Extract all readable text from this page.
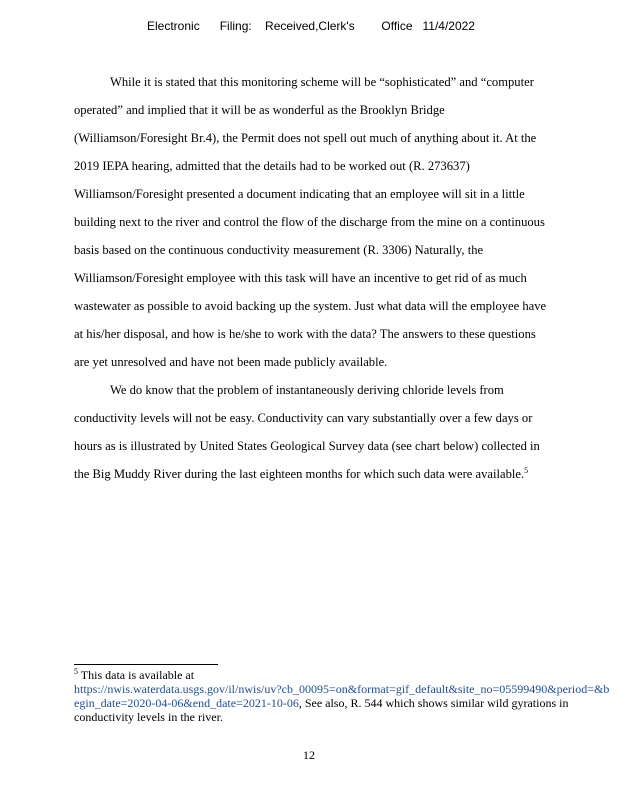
Electronic      Filing:    Received,Clerk's        Office   11/4/2022

While it is stated that this monitoring scheme will be “sophisticated” and “computer operated” and implied that it will be as wonderful as the Brooklyn Bridge (Williamson/Foresight Br.4), the Permit does not spell out much of anything about it. At the 2019 IEPA hearing, admitted that the details had to be worked out (R. 273637) Williamson/Foresight presented a document indicating that an employee will sit in a little building next to the river and control the flow of the discharge from the mine on a continuous basis based on the continuous conductivity measurement (R. 3306) Naturally, the Williamson/Foresight employee with this task will have an incentive to get rid of as much wastewater as possible to avoid backing up the system. Just what data will the employee have at his/her disposal, and how is he/she to work with the data? The answers to these questions are yet unresolved and have not been made publicly available.

We do know that the problem of instantaneously deriving chloride levels from conductivity levels will not be easy. Conductivity can vary substantially over a few days or hours as is illustrated by United States Geological Survey data (see chart below) collected in the Big Muddy River during the last eighteen months for which such data were available.$^5$

$^5$ This data is available at
https://nwis.waterdata.usgs.gov/il/nwis/uv?cb_00095=on&format=gif_default&site_no=05599490&period=&begin_date=2020-04-06&end_date=2021-10-06, See also, R. 544 which shows similar wild gyrations in conductivity levels in the river.
12
